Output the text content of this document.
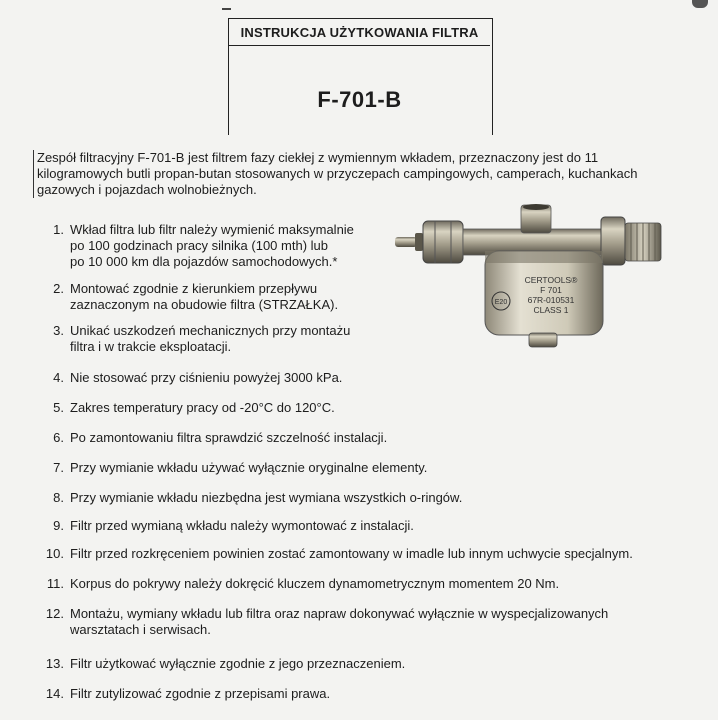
INSTRUKCJA UŻYTKOWANIA FILTRA
F-701-B
Zespół filtracyjny F-701-B jest filtrem fazy ciekłej z wymiennym wkładem, przeznaczony jest do 11 kilogramowych butli propan-butan stosowanych w przyczepach campingowych, camperach, kuchankach gazowych i pojazdach wolnobieżnych.
1. Wkład filtra lub filtr należy wymienić maksymalnie
po 100 godzinach pracy silnika (100 mth) lub
po 10 000 km dla pojazdów samochodowych.*
2. Montować zgodnie z kierunkiem przepływu
zaznaczonym na obudowie filtra (STRZAŁKA).
3. Unikać uszkodzeń mechanicznych przy montażu
filtra i w trakcie eksploatacji.
4. Nie stosować przy ciśnieniu powyżej 3000 kPa.
5. Zakres temperatury pracy od -20°C do 120°C.
6. Po zamontowaniu filtra sprawdzić szczelność instalacji.
7. Przy wymianie wkładu używać wyłącznie oryginalne elementy.
8. Przy wymianie wkładu niezbędna jest wymiana wszystkich o-ringów.
9. Filtr przed wymianą wkładu należy wymontować z instalacji.
10. Filtr przed rozkręceniem powinien zostać zamontowany w imadle lub innym uchwycie specjalnym.
11. Korpus do pokrywy należy dokręcić kluczem dynamometrycznym momentem 20 Nm.
12. Montażu, wymiany wkładu lub filtra oraz napraw dokonywać wyłącznie w wyspecjalizowanych
warsztatach i serwisach.
13. Filtr użytkować wyłącznie zgodnie z jego przeznaczeniem.
14. Filtr zutylizować zgodnie z przepisami prawa.
E20
CERTOOLS®
F 701
67R-010531
CLASS 1
